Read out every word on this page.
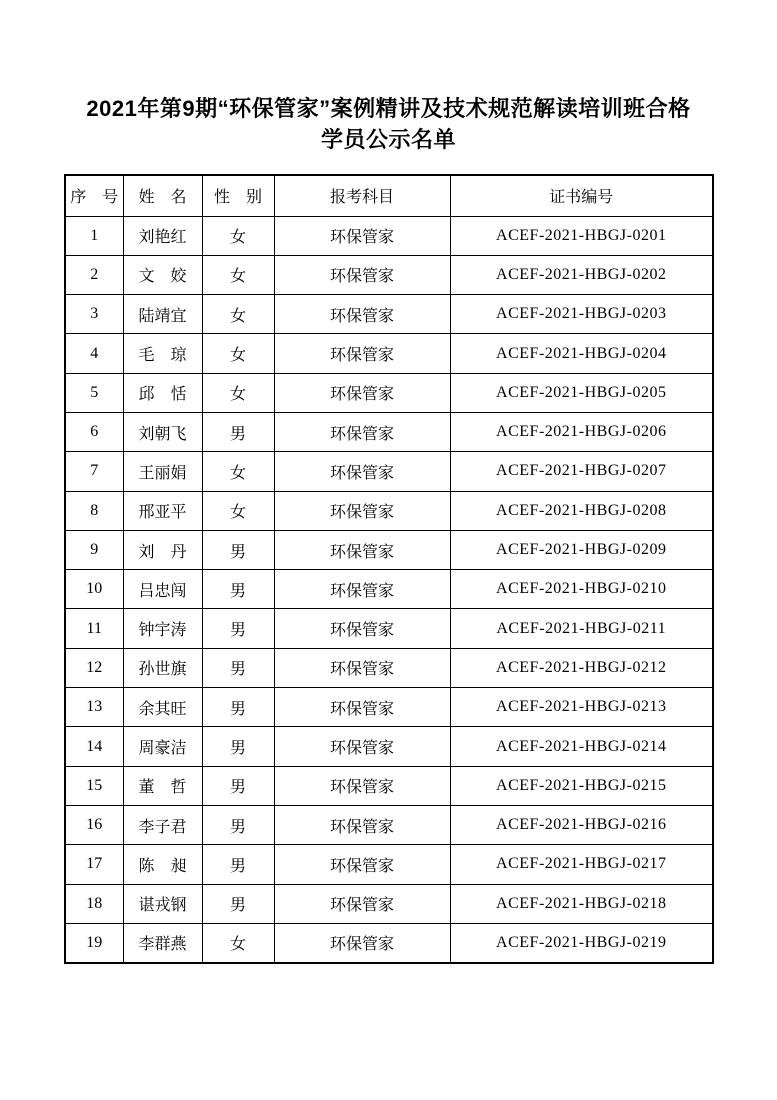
2021年第9期“环保管家”案例精讲及技术规范解读培训班合格学员公示名单
序　号	姓　名	性　别	报考科目	证书编号
1	刘艳红	女	环保管家	ACEF-2021-HBGJ-0201
2	文　姣	女	环保管家	ACEF-2021-HBGJ-0202
3	陆靖宜	女	环保管家	ACEF-2021-HBGJ-0203
4	毛　琼	女	环保管家	ACEF-2021-HBGJ-0204
5	邱　恬	女	环保管家	ACEF-2021-HBGJ-0205
6	刘朝飞	男	环保管家	ACEF-2021-HBGJ-0206
7	王丽娟	女	环保管家	ACEF-2021-HBGJ-0207
8	邢亚平	女	环保管家	ACEF-2021-HBGJ-0208
9	刘　丹	男	环保管家	ACEF-2021-HBGJ-0209
10	吕忠闯	男	环保管家	ACEF-2021-HBGJ-0210
11	钟宇涛	男	环保管家	ACEF-2021-HBGJ-0211
12	孙世旗	男	环保管家	ACEF-2021-HBGJ-0212
13	余其旺	男	环保管家	ACEF-2021-HBGJ-0213
14	周豪洁	男	环保管家	ACEF-2021-HBGJ-0214
15	董　哲	男	环保管家	ACEF-2021-HBGJ-0215
16	李子君	男	环保管家	ACEF-2021-HBGJ-0216
17	陈　昶	男	环保管家	ACEF-2021-HBGJ-0217
18	谌戎钢	男	环保管家	ACEF-2021-HBGJ-0218
19	李群燕	女	环保管家	ACEF-2021-HBGJ-0219
